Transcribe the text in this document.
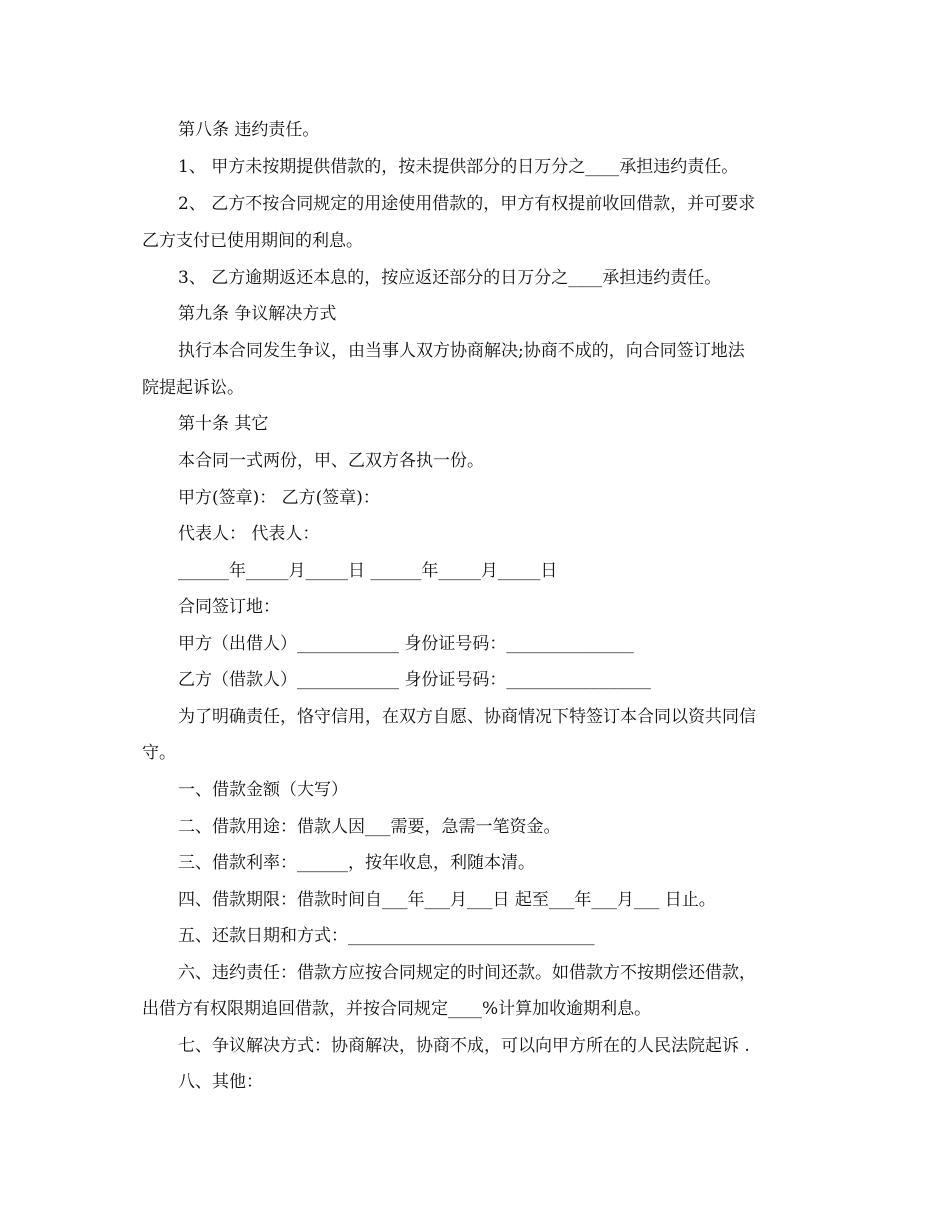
第八条 违约责任。
1、 甲方未按期提供借款的，按未提供部分的日万分之____承担违约责任。
2、 乙方不按合同规定的用途使用借款的，甲方有权提前收回借款，并可要求
乙方支付已使用期间的利息。
3、 乙方逾期返还本息的，按应返还部分的日万分之____承担违约责任。
第九条 争议解决方式
执行本合同发生争议，由当事人双方协商解决;协商不成的，向合同签订地法
院提起诉讼。
第十条 其它
本合同一式两份，甲、乙双方各执一份。
甲方(签章)： 乙方(签章)：
代表人： 代表人：
______年_____月_____日 ______年_____月_____日
合同签订地：
甲方（出借人）____________ 身份证号码：_______________
乙方（借款人）____________ 身份证号码：_________________
为了明确责任，恪守信用，在双方自愿、协商情况下特签订本合同以资共同信
守。
一、借款金额（大写）
二、借款用途：借款人因___需要，急需一笔资金。
三、借款利率：______，按年收息，利随本清。
四、借款期限：借款时间自___年___月___日 起至___年___月___ 日止。
五、还款日期和方式：_____________________________
六、违约责任：借款方应按合同规定的时间还款。如借款方不按期偿还借款，
出借方有权限期追回借款，并按合同规定____%计算加收逾期利息。
七、争议解决方式：协商解决，协商不成，可以向甲方所在的人民法院起诉 .
八、其他：
